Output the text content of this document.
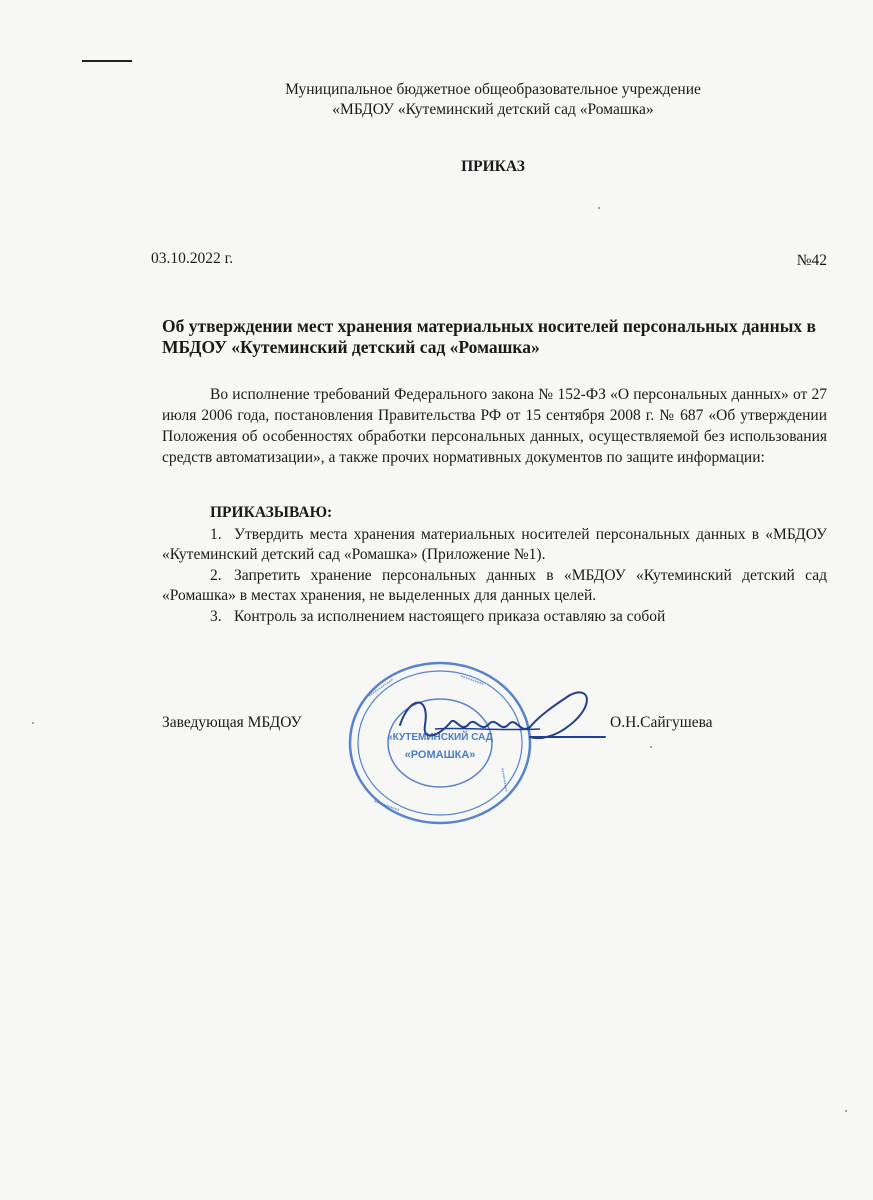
Муниципальное бюджетное общеобразовательное учреждение
«МБДОУ «Кутеминский детский сад «Ромашка»
ПРИКАЗ
03.10.2022 г.	№42
Об утверждении мест хранения материальных носителей персональных данных в МБДОУ «Кутеминский детский сад «Ромашка»
Во исполнение требований Федерального закона № 152-ФЗ «О персональных данных» от 27 июля 2006 года, постановления Правительства РФ от 15 сентября 2008 г. № 687 «Об утверждении Положения об особенностях обработки персональных данных, осуществляемой без использования средств автоматизации», а также прочих нормативных документов по защите информации:
ПРИКАЗЫВАЮ:

1. Утвердить места хранения материальных носителей персональных данных в «МБДОУ «Кутеминский детский сад «Ромашка» (Приложение №1).

2. Запретить хранение персональных данных в «МБДОУ «Кутеминский детский сад «Ромашка» в местах хранения, не выделенных для данных целей.

3. Контроль за исполнением настоящего приказа оставляю за собой

Заведующая МБДОУ	О.Н.Сайгушева
••••••••••••	••••••••••
••••••••••
•••••••••••
«КУТЕМИНСКИЙ САД
«РОМАШКА»
